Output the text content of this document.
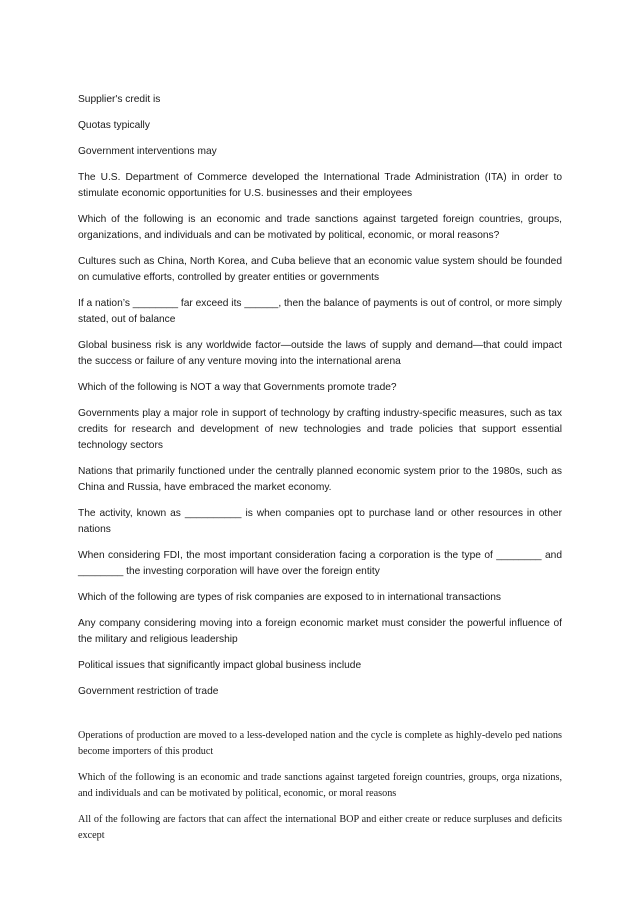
Supplier's credit is

Quotas typically

Government interventions may

The U.S. Department of Commerce developed the International Trade Administration (ITA) in order to stimulate economic opportunities for U.S. businesses and their employees

Which of the following is an economic and trade sanctions against targeted foreign countries, groups, organizations, and individuals and can be motivated by political, economic, or moral reasons?

Cultures such as China, North Korea, and Cuba believe that an economic value system should be founded on cumulative efforts, controlled by greater entities or governments

If a nation’s ________ far exceed its ______, then the balance of payments is out of control, or more simply stated, out of balance

Global business risk is any worldwide factor—outside the laws of supply and demand—that could impact the success or failure of any venture moving into the international arena

Which of the following is NOT a way that Governments promote trade?

Governments play a major role in support of technology by crafting industry-specific measures, such as tax credits for research and development of new technologies and trade policies that support essential technology sectors

Nations that primarily functioned under the centrally planned economic system prior to the 1980s, such as China and Russia, have embraced the market economy.

The activity, known as __________ is when companies opt to purchase land or other resources in other nations

When considering FDI, the most important consideration facing a corporation is the type of ________ and ________ the investing corporation will have over the foreign entity

Which of the following are types of risk companies are exposed to in international transactions

Any company considering moving into a foreign economic market must consider the powerful influence of the military and religious leadership

Political issues that significantly impact global business include

Government restriction of trade

Operations of production are moved to a less-developed nation and the cycle is complete as highly-develo ped nations become importers of this product

Which of the following is an economic and trade sanctions against targeted foreign countries, groups, orga nizations, and individuals and can be motivated by political, economic, or moral reasons

All of the following are factors that can affect the international BOP and either create or reduce surpluses and deficits except
